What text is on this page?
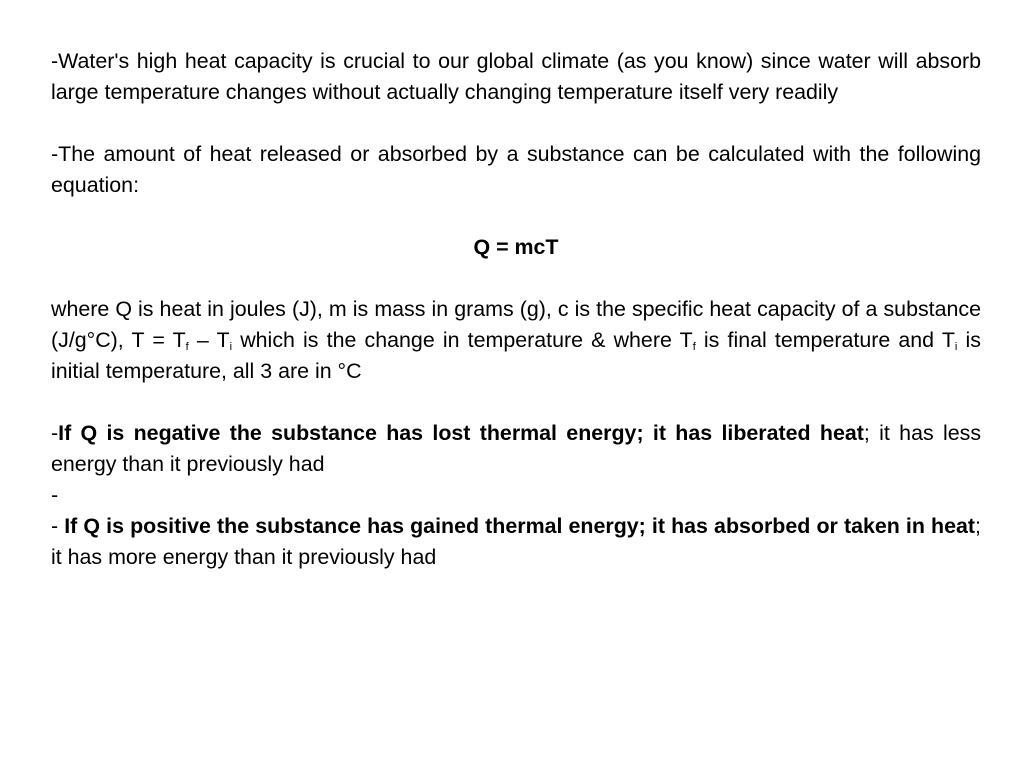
-Water's high heat capacity is crucial to our global climate (as you know) since water will absorb large temperature changes without actually changing temperature itself very readily

-The amount of heat released or absorbed by a substance can be calculated with the following equation:

Q = mcT

where Q is heat in joules (J), m is mass in grams (g), c is the specific heat capacity of a substance (J/g°C), $T = T_f - T_i$ which is the change in temperature & where $T_f$ is final temperature and $T_i$ is initial temperature, all 3 are in °C

-If Q is negative the substance has lost thermal energy; it has liberated heat; it has less energy than it previously had

-

- If Q is positive the substance has gained thermal energy; it has absorbed or taken in heat; it has more energy than it previously had
